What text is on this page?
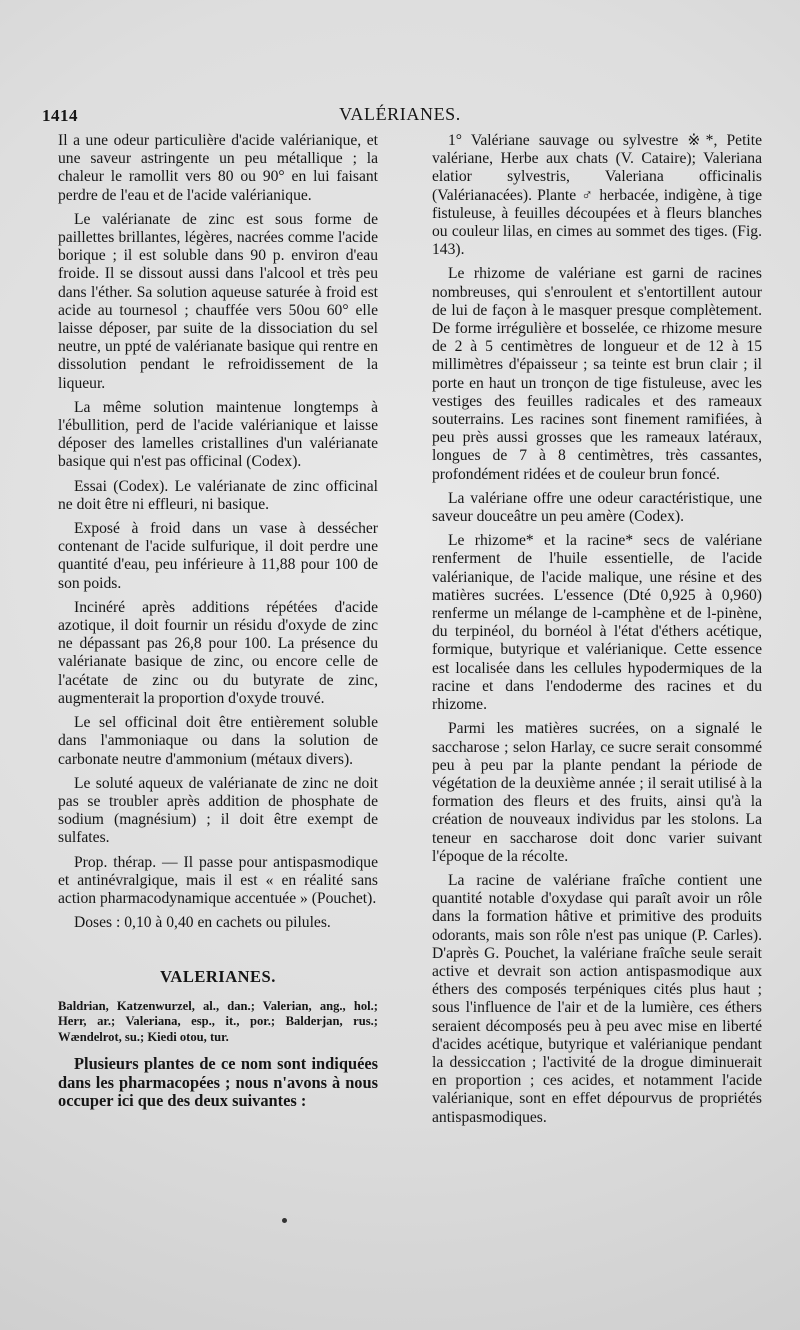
1414	VALÉRIANES.

Il a une odeur particulière d'acide valérianique, et une saveur astringente un peu métallique ; la chaleur le ramollit vers 80 ou 90° en lui faisant perdre de l'eau et de l'acide valérianique.

Le valérianate de zinc est sous forme de paillettes brillantes, légères, nacrées comme l'acide borique ; il est soluble dans 90 p. environ d'eau froide. Il se dissout aussi dans l'alcool et très peu dans l'éther. Sa solution aqueuse saturée à froid est acide au tournesol ; chauffée vers 50ou 60° elle laisse déposer, par suite de la dissociation du sel neutre, un ppté de valérianate basique qui rentre en dissolution pendant le refroidissement de la liqueur.

La même solution maintenue longtemps à l'ébullition, perd de l'acide valérianique et laisse déposer des lamelles cristallines d'un valérianate basique qui n'est pas officinal (Codex).

Essai (Codex). Le valérianate de zinc officinal ne doit être ni effleuri, ni basique.

Exposé à froid dans un vase à dessécher contenant de l'acide sulfurique, il doit perdre une quantité d'eau, peu inférieure à 11,88 pour 100 de son poids.

Incinéré après additions répétées d'acide azotique, il doit fournir un résidu d'oxyde de zinc ne dépassant pas 26,8 pour 100. La présence du valérianate basique de zinc, ou encore celle de l'acétate de zinc ou du butyrate de zinc, augmenterait la proportion d'oxyde trouvé.

Le sel officinal doit être entièrement soluble dans l'ammoniaque ou dans la solution de carbonate neutre d'ammonium (métaux divers).

Le soluté aqueux de valérianate de zinc ne doit pas se troubler après addition de phosphate de sodium (magnésium) ; il doit être exempt de sulfates.

Prop. thérap. — Il passe pour antispasmodique et antinévralgique, mais il est « en réalité sans action pharmacodynamique accentuée » (Pouchet).

Doses : 0,10 à 0,40 en cachets ou pilules.

VALERIANES.

Baldrian, Katzenwurzel, al., dan.; Valerian, ang., hol.; Herr, ar.; Valeriana, esp., it., por.; Balderjan, rus.; Wændelrot, su.; Kiedi otou, tur.

Plusieurs plantes de ce nom sont indiquées dans les pharmacopées ; nous n'avons à nous occuper ici que des deux suivantes :

1° Valériane sauvage ou sylvestre ※*, Petite valériane, Herbe aux chats (V. Cataire); Valeriana elatior sylvestris, Valeriana officinalis (Valérianacées). Plante ♂ herbacée, indigène, à tige fistuleuse, à feuilles découpées et à fleurs blanches ou couleur lilas, en cimes au sommet des tiges. (Fig. 143).

Le rhizome de valériane est garni de racines nombreuses, qui s'enroulent et s'entortillent autour de lui de façon à le masquer presque complètement. De forme irrégulière et bosselée, ce rhizome mesure de 2 à 5 centimètres de longueur et de 12 à 15 millimètres d'épaisseur ; sa teinte est brun clair ; il porte en haut un tronçon de tige fistuleuse, avec les vestiges des feuilles radicales et des rameaux souterrains. Les racines sont finement ramifiées, à peu près aussi grosses que les rameaux latéraux, longues de 7 à 8 centimètres, très cassantes, profondément ridées et de couleur brun foncé.

La valériane offre une odeur caractéristique, une saveur douceâtre un peu amère (Codex).

Le rhizome* et la racine* secs de valériane renferment de l'huile essentielle, de l'acide valérianique, de l'acide malique, une résine et des matières sucrées. L'essence (Dté 0,925 à 0,960) renferme un mélange de l-camphène et de l-pinène, du terpinéol, du bornéol à l'état d'éthers acétique, formique, butyrique et valérianique. Cette essence est localisée dans les cellules hypodermiques de la racine et dans l'endoderme des racines et du rhizome.

Parmi les matières sucrées, on a signalé le saccharose ; selon Harlay, ce sucre serait consommé peu à peu par la plante pendant la période de végétation de la deuxième année ; il serait utilisé à la formation des fleurs et des fruits, ainsi qu'à la création de nouveaux individus par les stolons. La teneur en saccharose doit donc varier suivant l'époque de la récolte.

La racine de valériane fraîche contient une quantité notable d'oxydase qui paraît avoir un rôle dans la formation hâtive et primitive des produits odorants, mais son rôle n'est pas unique (P. Carles). D'après G. Pouchet, la valériane fraîche seule serait active et devrait son action antispasmodique aux éthers des composés terpéniques cités plus haut ; sous l'influence de l'air et de la lumière, ces éthers seraient décomposés peu à peu avec mise en liberté d'acides acétique, butyrique et valérianique pendant la dessiccation ; l'activité de la drogue diminuerait en proportion ; ces acides, et notamment l'acide valérianique, sont en effet dépourvus de propriétés antispasmodiques.
